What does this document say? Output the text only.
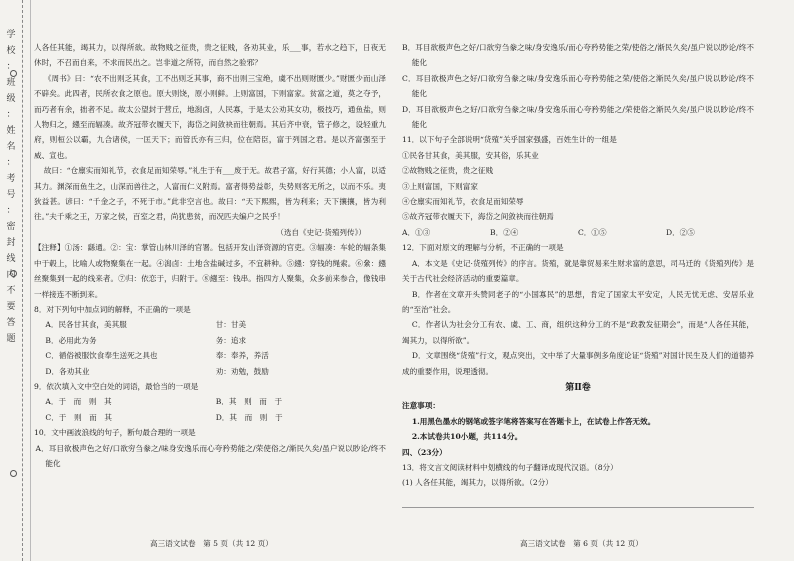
学
校
：
班
级
：
姓
名
：
考
号
：
密
封
线
内
不
要
答
题

人各任其能，竭其力，以得所欲。故物贱之征贵，贵之征贱，各劝其业，乐___事，若水之趋下，日夜无休时，不召而自来，不求而民出之。岂非道之所符，而自然之验邪？

《周书》曰：“农不出则乏其食，工不出则乏其事，商不出则三宝绝，虞不出则财匮少。”财匮少而山泽不辟矣。此四者，民所衣食之原也。原大则饶，原小则鲜。上则富国，下则富家。贫富之道，莫之夺予，而巧者有余，拙者不足。故太公望封于营丘，地潟卤，人民寡，于是太公劝其女功，极技巧，通鱼盐，则人物归之，繦至而辐凑。故齐冠带衣履天下，海岱之间敛袂而往朝焉。其后齐中衰，管子修之，设轻重九府，则桓公以霸，九合诸侯，一匡天下；而管氏亦有三归，位在陪臣，富于列国之君。是以齐富强至于威、宣也。

故曰：“仓廪实而知礼节，衣食足而知荣辱。”礼生于有___废于无。故君子富，好行其德；小人富，以适其力。渊深而鱼生之，山深而兽往之，人富而仁义附焉。富者得势益彰，失势则客无所之，以而不乐。夷狄益甚。谚曰：“千金之子，不死于市。”此非空言也。故曰：“天下熙熙，皆为利来；天下攘攘，皆为利往。”夫千乘之王，万家之侯，百室之君，尚犹患贫，而况匹夫编户之民乎！

（选自《史记·货殖列传》）

【注释】①汤：繇通。②：宝：掌管山林川泽的官署。包括开发山泽资源的官吏。③辐凑：车轮的辐条集中于毂上，比喻人或物聚集在一起。④潟卤：土地含盐碱过多，不宜耕种。⑤繦：穿钱的绳索。⑥絫：繦丝聚集到一起的线来者。⑦归：依恋于，归附于。⑧繦至：钱串。指四方人聚集，众多前来参合，像钱串一样接连不断到来。

8．对下列句中加点词的解释，不正确的一项是

A．民各甘其食，美其服	甘：甘美
B．必用此为务	务：追求
C．循俗被服饮食奉生送死之具也	奉：奉养，养活
D．各劝其业	劝：劝勉，鼓励

9．依次填入文中空白处的词语，最恰当的一项是

A．于　而　则　其	B．其　则　而　于
C．于　则　而　其	D．其　而　则　于

10．文中画波浪线的句子，断句最合理的一项是

A．耳目欲极声色之好/口欲穷刍豢之/味身安逸乐而心夸矜势能之/荣使俗之/渐民久矣/虽户说以眇论/终不能化

B．耳目欲极声色之好/口欲穷刍豢之味/身安逸乐/而心夸矜势能之荣/使俗之/渐民久矣/虽户说以眇论/终不能化

C．耳目欲极声色之好/口欲穷刍豢之味/身安逸乐而心夸矜势能之荣/使俗之渐民久矣/虽户说以眇论/终不能化

D．耳目欲极声色之好/口欲穷刍豢之味/身安逸乐而心夸矜势能之/荣使俗之渐民久矣/虽户说以眇论/终不能化

11．以下句子全部说明“货殖”关乎国家强盛，百姓生计的一组是

①民各甘其食，美其服，安其俗，乐其业

②故物贱之征贵，贵之征贱

③上则富国，下则富家

④仓廪实而知礼节，衣食足而知荣辱

⑤故齐冠带衣履天下，海岱之间敛袂而往朝焉

A．①③	B．②④	C．①⑤	D．②⑤

12．下面对原文的理解与分析，不正确的一项是

A．本文是《史记·货殖列传》的序言。货殖，就是靠贸易来生财求富的意思，司马迁的《货殖列传》是关于古代社会经济活动的重要篇章。

B．作者在文章开头赞同老子的“小国寡民”的思想，肯定了国家太平安定，人民无忧无虑、安居乐业的“至治”社会。

C．作者认为社会分工有农、虞、工、商，组织这种分工的不是“政教发征期会”，而是“人各任其能，竭其力，以得所欲”。

D．文章围绕“货殖”行文，观点突出，文中举了大量事例多角度论证“货殖”对国计民生及人们的道德养成的重要作用，说理透彻。

第Ⅱ卷

注意事项：

1.用黑色墨水的钢笔或签字笔将答案写在答题卡上，在试卷上作答无效。

2.本试卷共10小题，共114分。

四、（23分）

13．将文言文阅读材料中划横线的句子翻译成现代汉语。（8分）

(1) 人各任其能，竭其力，以得所欲。（2分）

高三语文试卷　第 5 页（共 12 页）	高三语文试卷　第 6 页（共 12 页）
